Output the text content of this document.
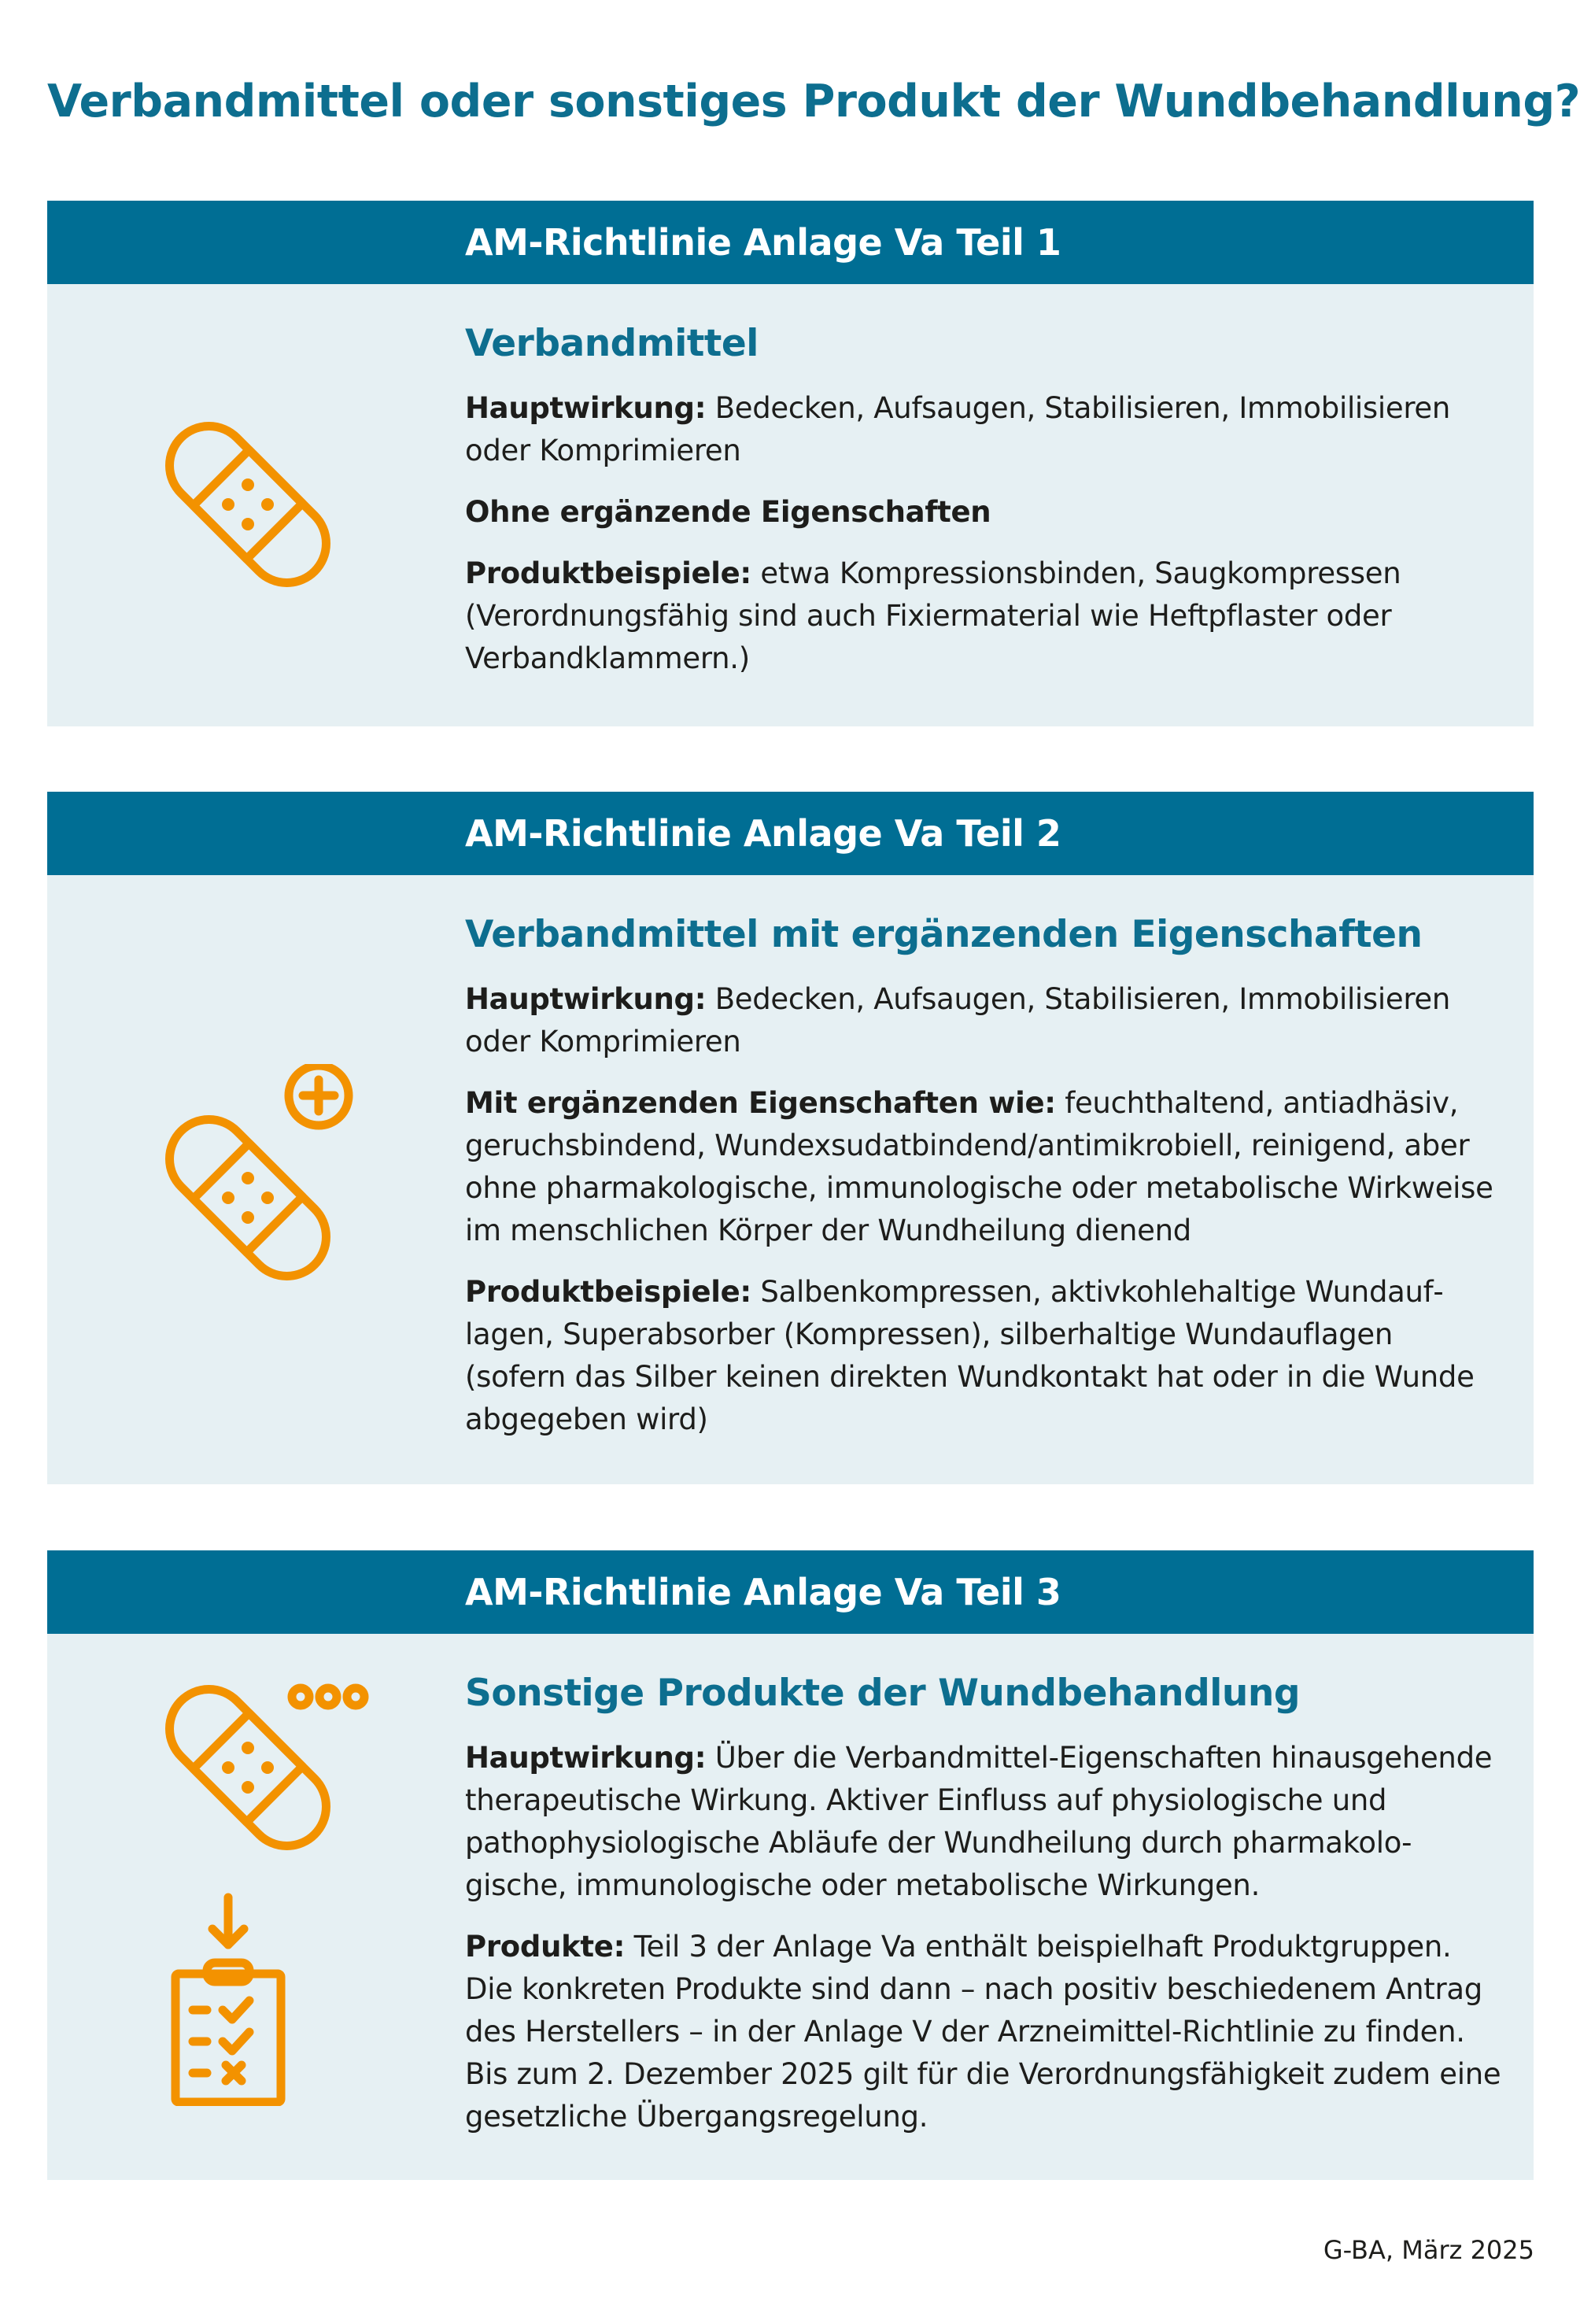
Verbandmittel oder sonstiges Produkt der Wundbehandlung?
AM-Richtlinie Anlage Va Teil 1
Verbandmittel

Hauptwirkung: Bedecken, Aufsaugen, Stabilisieren, Immobilisieren oder Komprimieren

Ohne ergänzende Eigenschaften

Produktbeispiele: etwa Kompressionsbinden, Saugkompressen (Verordnungsfähig sind auch Fixiermaterial wie Heftpflaster oder Verbandklammern.)

AM-Richtlinie Anlage Va Teil 2
Verbandmittel mit ergänzenden Eigenschaften

Hauptwirkung: Bedecken, Aufsaugen, Stabilisieren, Immobilisieren oder Komprimieren

Mit ergänzenden Eigenschaften wie: feuchthaltend, antiadhäsiv, geruchsbindend, Wundexsudatbindend/antimikrobiell, reinigend, aber ohne pharmakologische, immunologische oder metabolische Wirkweise im menschlichen Körper der Wundheilung dienend

Produktbeispiele: Salbenkompressen, aktivkohlehaltige Wundauflagen, Superabsorber (Kompressen), silberhaltige Wundauflagen (sofern das Silber keinen direkten Wundkontakt hat oder in die Wunde abgegeben wird)

AM-Richtlinie Anlage Va Teil 3
Sonstige Produkte der Wundbehandlung

Hauptwirkung: Über die Verbandmittel-Eigenschaften hinausgehende therapeutische Wirkung. Aktiver Einfluss auf physiologische und pathophysiologische Abläufe der Wundheilung durch pharmakologische, immunologische oder metabolische Wirkungen.

Produkte: Teil 3 der Anlage Va enthält beispielhaft Produktgruppen. Die konkreten Produkte sind dann – nach positiv beschiedenem Antrag des Herstellers – in der Anlage V der Arzneimittel-Richtlinie zu finden. Bis zum 2. Dezember 2025 gilt für die Verordnungsfähigkeit zudem eine gesetzliche Übergangsregelung.

G-BA, März 2025
